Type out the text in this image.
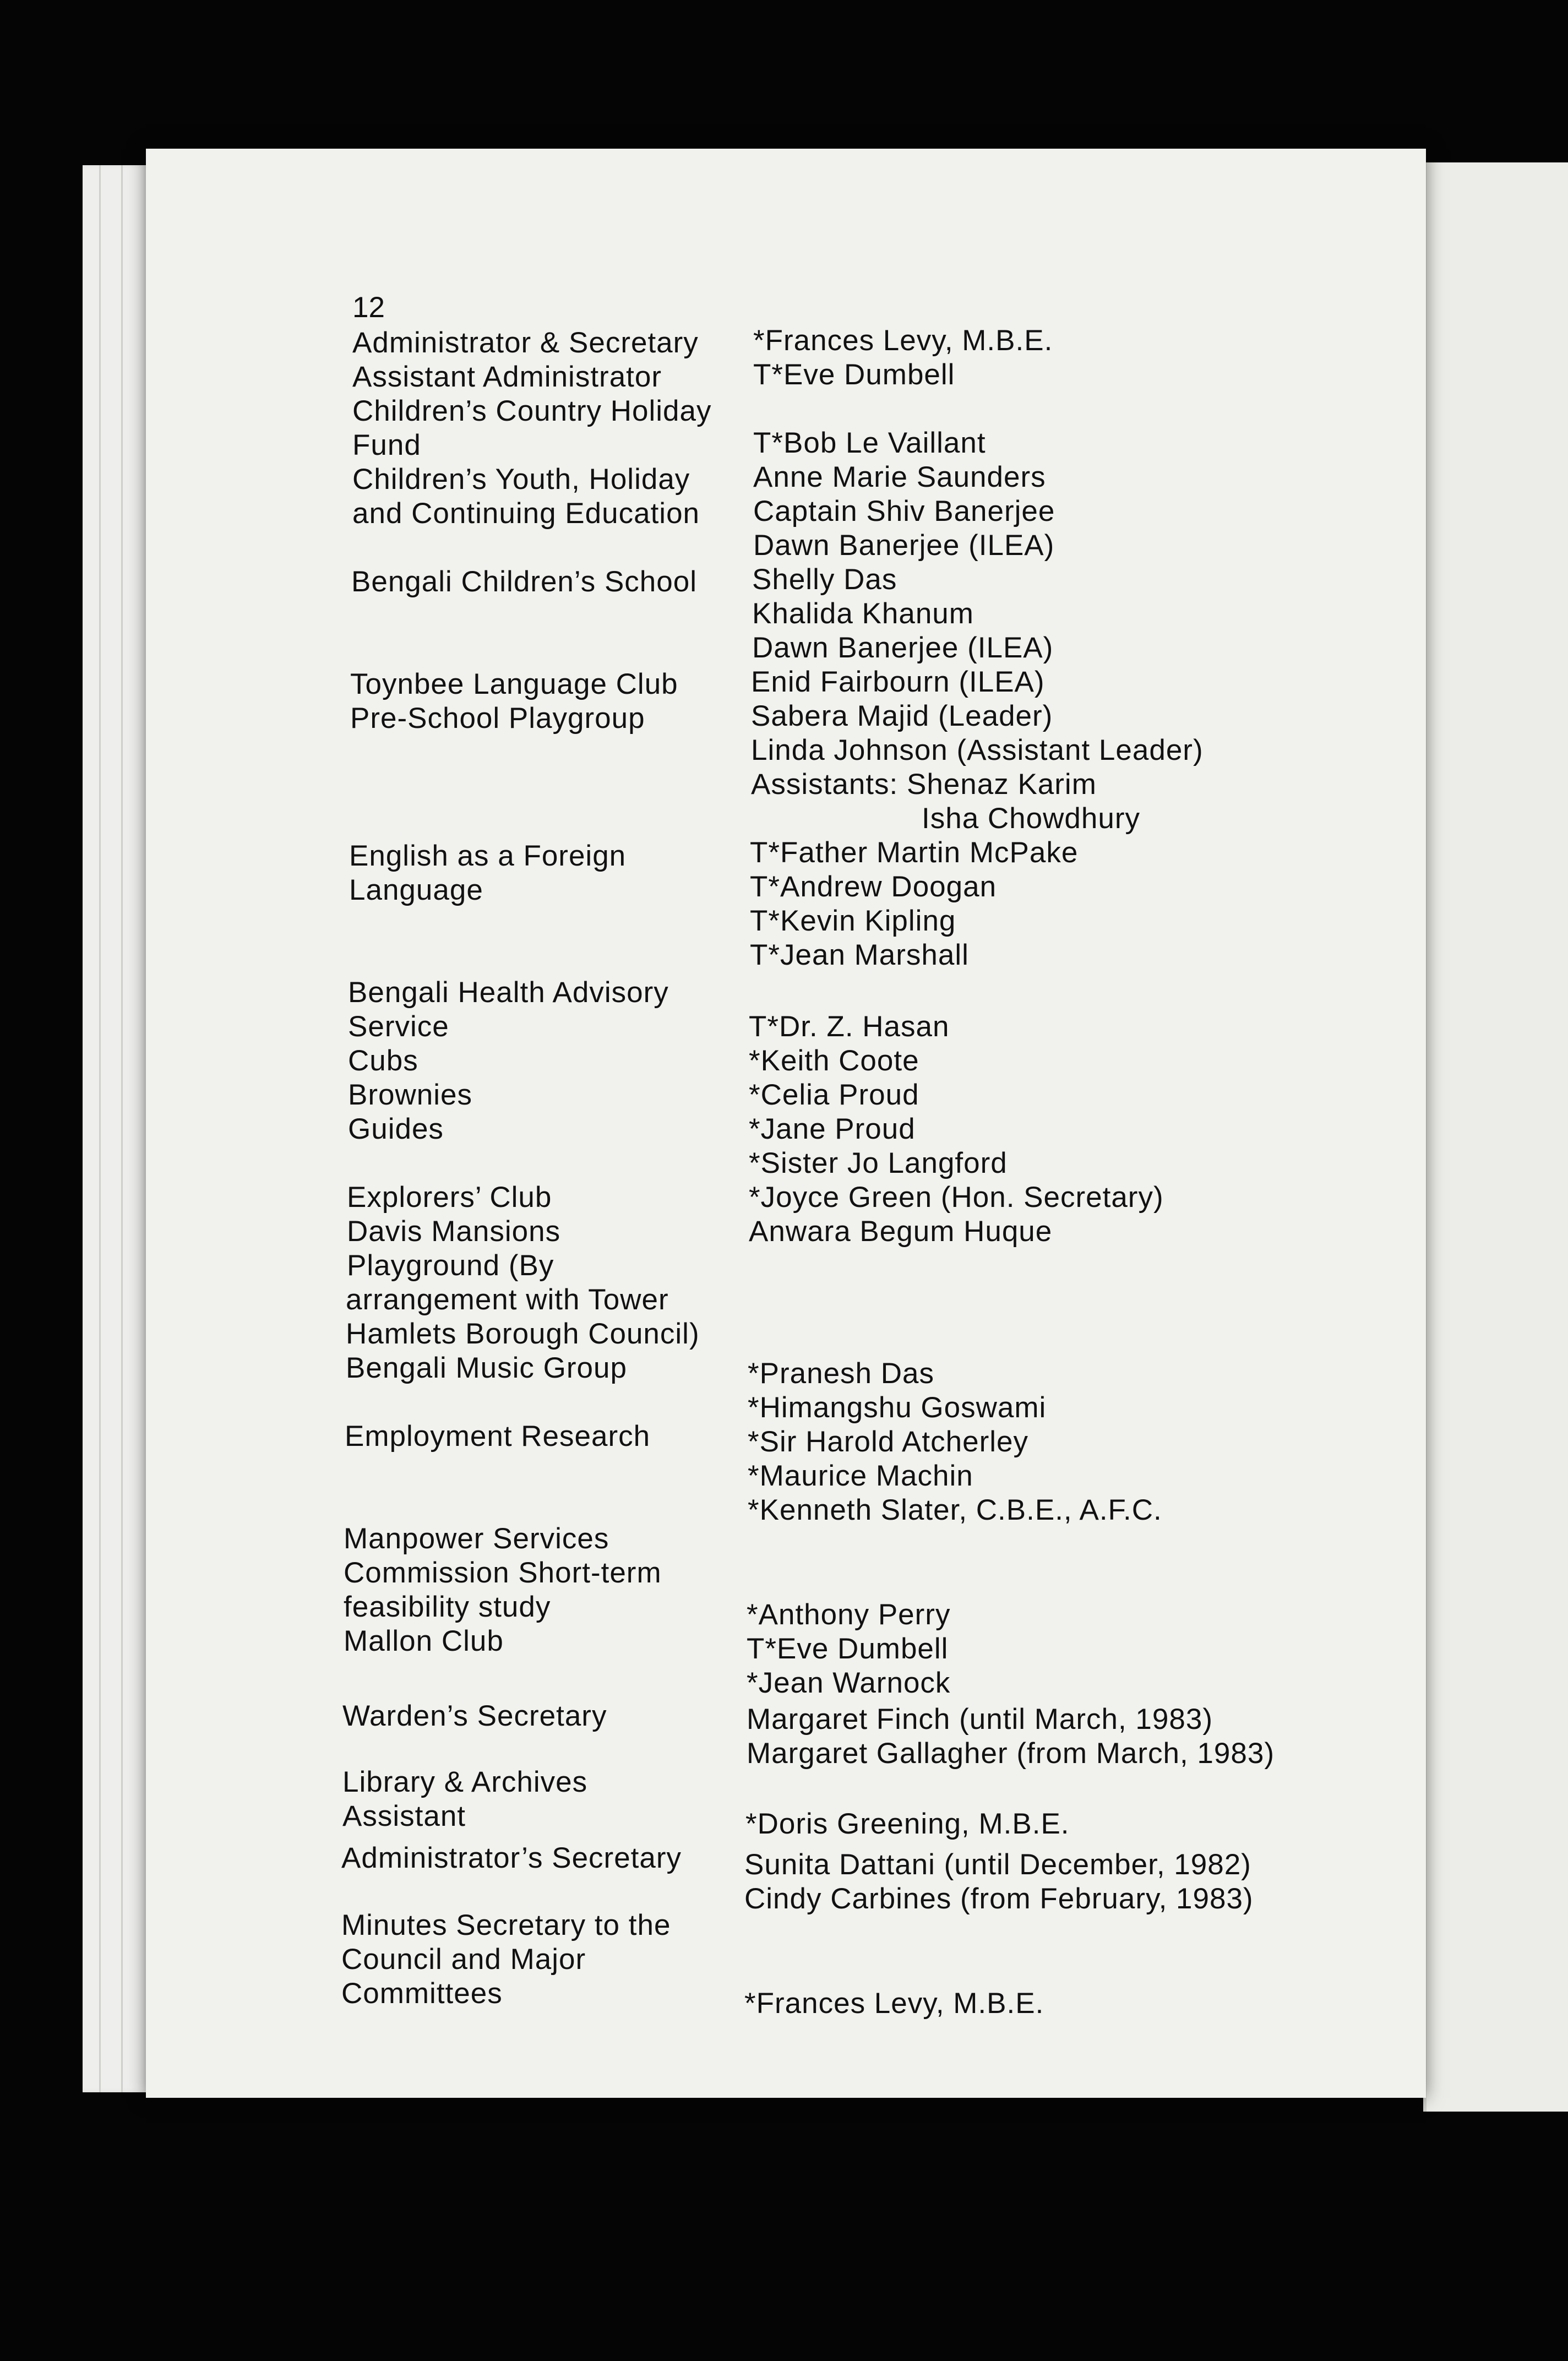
12
Administrator & Secretary
Assistant Administrator
Children’s Country Holiday
Fund
Children’s Youth, Holiday
and Continuing Education
Bengali Children’s School
Toynbee Language Club
Pre-School Playgroup
English as a Foreign
Language
Bengali Health Advisory
Service
Cubs
Brownies
Guides
Explorers’ Club
Davis Mansions
Playground (By
arrangement with Tower
Hamlets Borough Council)
Bengali Music Group
Employment Research
Manpower Services
Commission Short-term
feasibility study
Mallon Club
Warden’s Secretary
Library & Archives
Assistant
Administrator’s Secretary
Minutes Secretary to the
Council and Major
Committees
*Frances Levy, M.B.E.
T*Eve Dumbell
T*Bob Le Vaillant
Anne Marie Saunders
Captain Shiv Banerjee
Dawn Banerjee (ILEA)
Shelly Das
Khalida Khanum
Dawn Banerjee (ILEA)
Enid Fairbourn (ILEA)
Sabera Majid (Leader)
Linda Johnson (Assistant Leader)
Assistants: Shenaz Karim
Isha Chowdhury
T*Father Martin McPake
T*Andrew Doogan
T*Kevin Kipling
T*Jean Marshall
T*Dr. Z. Hasan
*Keith Coote
*Celia Proud
*Jane Proud
*Sister Jo Langford
*Joyce Green (Hon. Secretary)
Anwara Begum Huque
*Pranesh Das
*Himangshu Goswami
*Sir Harold Atcherley
*Maurice Machin
*Kenneth Slater, C.B.E., A.F.C.
*Anthony Perry
T*Eve Dumbell
*Jean Warnock
Margaret Finch (until March, 1983)
Margaret Gallagher (from March, 1983)
*Doris Greening, M.B.E.
Sunita Dattani (until December, 1982)
Cindy Carbines (from February, 1983)
*Frances Levy, M.B.E.
